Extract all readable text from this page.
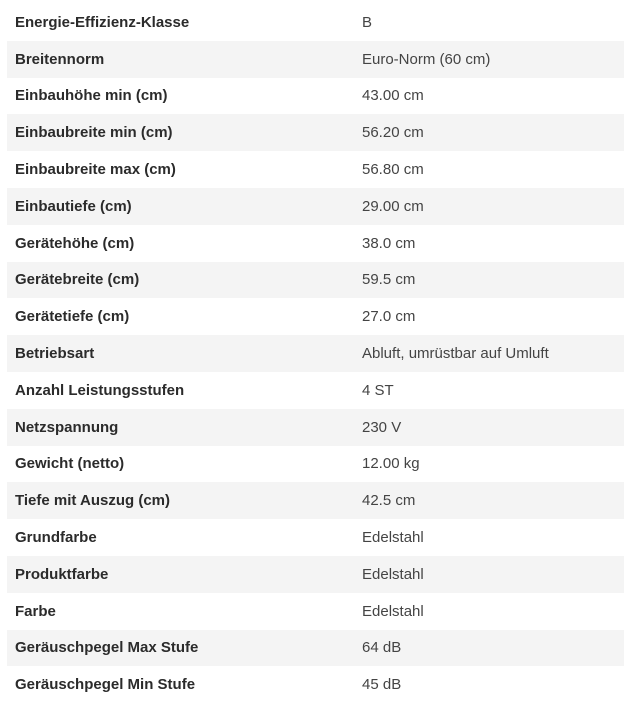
Energie-Effizienz-Klasse	B
Breitennorm	Euro-Norm (60 cm)
Einbauhöhe min (cm)	43.00 cm
Einbaubreite min (cm)	56.20 cm
Einbaubreite max (cm)	56.80 cm
Einbautiefe (cm)	29.00 cm
Gerätehöhe (cm)	38.0 cm
Gerätebreite (cm)	59.5 cm
Gerätetiefe (cm)	27.0 cm
Betriebsart	Abluft, umrüstbar auf Umluft
Anzahl Leistungsstufen	4 ST
Netzspannung	230 V
Gewicht (netto)	12.00 kg
Tiefe mit Auszug (cm)	42.5 cm
Grundfarbe	Edelstahl
Produktfarbe	Edelstahl
Farbe	Edelstahl
Geräuschpegel Max Stufe	64 dB
Geräuschpegel Min Stufe	45 dB
